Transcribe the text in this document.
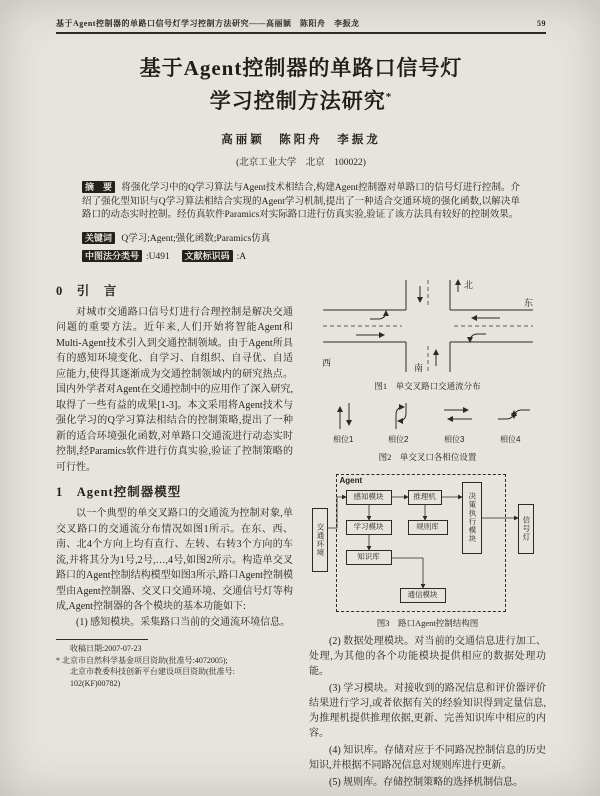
基于Agent控制器的单路口信号灯学习控制方法研究——高丽颖　陈阳舟　李振龙	59
基于Agent控制器的单路口信号灯
学习控制方法研究*
高丽颖　陈阳舟　李振龙
(北京工业大学　北京　100022)
摘　要 将强化学习中的Q学习算法与Agent技术相结合,构建Agent控制器对单路口的信号灯进行控制。介绍了强化型知识与Q学习算法相结合实现的Agent学习机制,提出了一种适合交通环境的强化函数,以解决单路口的动态实时控制。经仿真软件Paramics对实际路口进行仿真实验,验证了该方法具有较好的控制效果。
关键词 Q学习;Agent;强化函数;Paramics仿真
中图法分类号 :U491 　 文献标识码 :A
0　引　言

对城市交通路口信号灯进行合理控制是解决交通问题的重要方法。近年来,人们开始将智能Agent和Multi-Agent技术引入到交通控制领域。由于Agent所具有的感知环境变化、自学习、自组织、自寻优、自适应能力,使得其逐渐成为交通控制领域内的研究热点。国内外学者对Agent在交通控制中的应用作了深入研究,取得了一些有益的成果[1-3]。本文采用将Agent技术与强化学习的Q学习算法相结合的控制策略,提出了一种新的适合环境强化函数,对单路口交通流进行动态实时控制,经Paramics软件进行仿真实验,验证了控制策略的可行性。

1　Agent控制器模型

以一个典型的单交叉路口的交通流为控制对象,单交叉路口的交通流分布情况如图1所示。在东、西、南、北4个方向上均有直行、左转、右转3个方向的车流,并将其分为1号,2号,…,4号,如图2所示。构造单交叉路口的Agent控制结构模型如图3所示,路口Agent控制模型由Agent控制器、交叉口交通环境、交通信号灯等构成,Agent控制器的各个模块的基本功能如下:

(1) 感知模块。采集路口当前的交通流环境信息。

收稿日期:2007-07-23
* 北京市自然科学基金项目资助(批准号:4072005);
北京市教委科技创新平台建设项目资助(批准号:
102(KF)00782)
北
西
东
南
图1　单交叉路口交通流分布
相位1	相位2	相位3	相位4
图2　单交叉口各相位设置
Agent
交通环境
感知模块	推理机	决策执行模块	信号灯
学习模块	规则库
知识库
通信模块
图3　路口Agent控制结构图

(2) 数据处理模块。对当前的交通信息进行加工、处理,为其他的各个功能模块提供相应的数据处理功能。

(3) 学习模块。对接收到的路况信息和评价器评价结果进行学习,或者依据有关的经验知识得到定量信息,为推理机提供推理依据,更新、完善知识库中相应的内容。

(4) 知识库。存储对应于不同路况控制信息的历史知识,并根据不同路况信息对规则库进行更新。

(5) 规则库。存储控制策略的选择机制信息。
